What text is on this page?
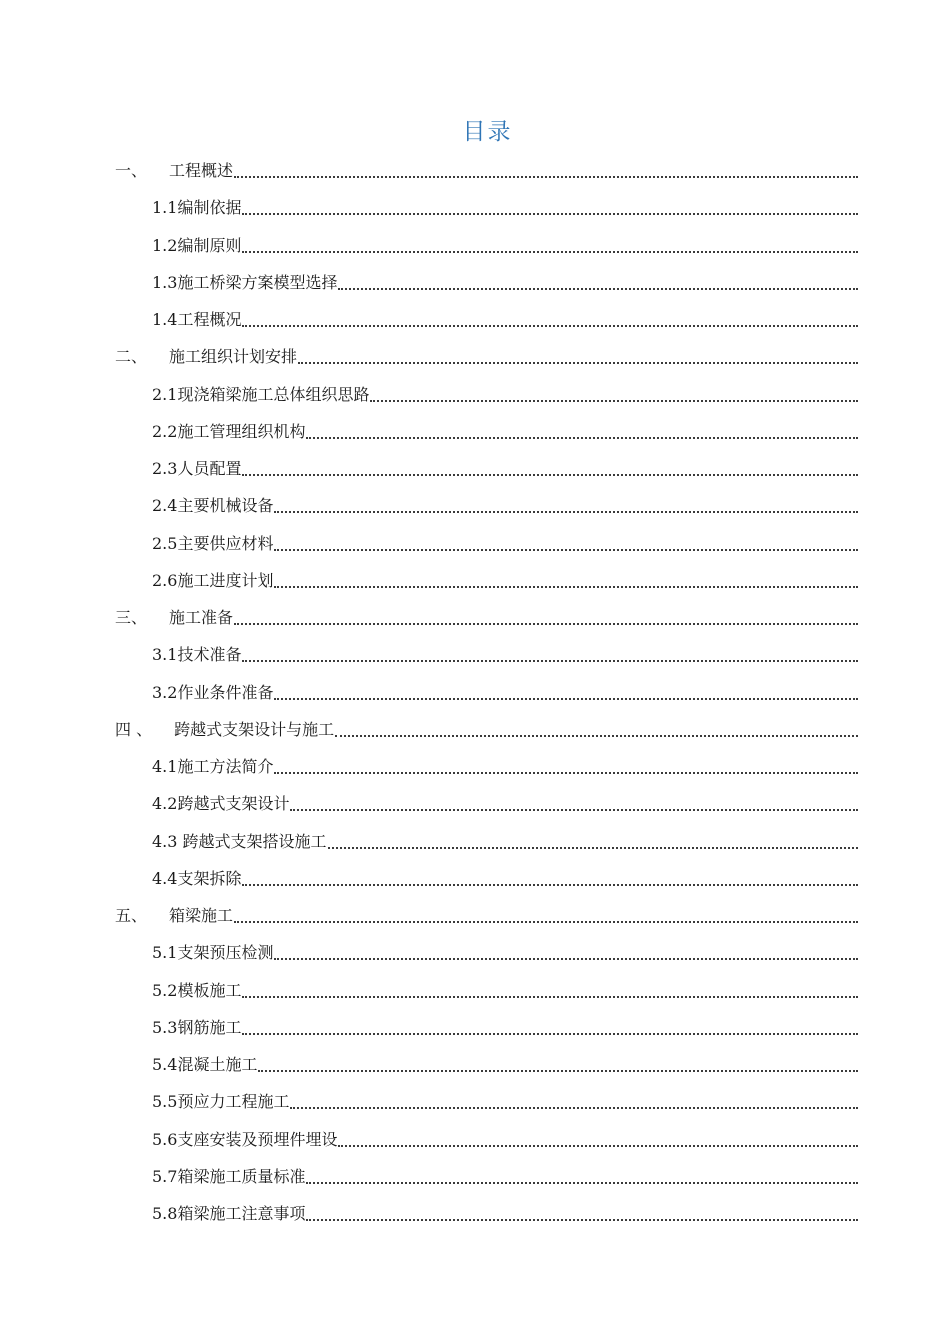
目录
一、 工程概述
1.1编制依据
1.2编制原则
1.3施工桥梁方案模型选择
1.4工程概况
二、 施工组织计划安排
2.1现浇箱梁施工总体组织思路
2.2施工管理组织机构
2.3人员配置
2.4主要机械设备
2.5主要供应材料
2.6施工进度计划
三、 施工准备
3.1技术准备
3.2作业条件准备
四 、 跨越式支架设计与施工
4.1施工方法简介
4.2跨越式支架设计
4.3 跨越式支架搭设施工
4.4支架拆除
五、 箱梁施工
5.1支架预压检测
5.2模板施工
5.3钢筋施工
5.4混凝土施工
5.5预应力工程施工
5.6支座安装及预埋件埋设
5.7箱梁施工质量标准
5.8箱梁施工注意事项
